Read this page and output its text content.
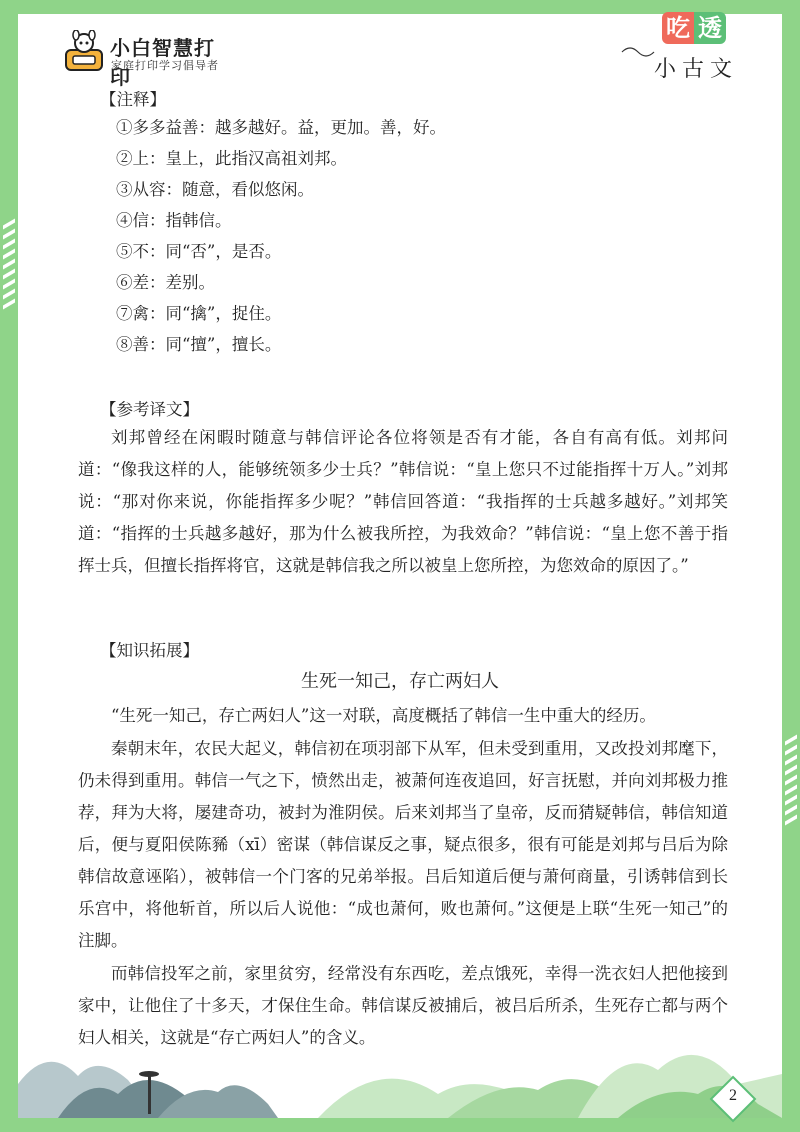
小白智慧打印
家庭打印学习倡导者
吃 透
小古文
【注释】
①多多益善：越多越好。益，更加。善，好。
②上：皇上，此指汉高祖刘邦。
③从容：随意，看似悠闲。
④信：指韩信。
⑤不：同“否”，是否。
⑥差：差别。
⑦禽：同“擒”，捉住。
⑧善：同“擅”，擅长。
【参考译文】
刘邦曾经在闲暇时随意与韩信评论各位将领是否有才能，各自有高有低。刘邦问道：“像我这样的人，能够统领多少士兵？”韩信说：“皇上您只不过能指挥十万人。”刘邦说：“那对你来说，你能指挥多少呢？”韩信回答道：“我指挥的士兵越多越好。”刘邦笑道：“指挥的士兵越多越好，那为什么被我所控，为我效命？”韩信说：“皇上您不善于指挥士兵，但擅长指挥将官，这就是韩信我之所以被皇上您所控，为您效命的原因了。”
【知识拓展】
生死一知己，存亡两妇人
“生死一知己，存亡两妇人”这一对联，高度概括了韩信一生中重大的经历。
秦朝末年，农民大起义，韩信初在项羽部下从军，但未受到重用，又改投刘邦麾下，仍未得到重用。韩信一气之下，愤然出走，被萧何连夜追回，好言抚慰，并向刘邦极力推荐，拜为大将，屡建奇功，被封为淮阴侯。后来刘邦当了皇帝，反而猜疑韩信，韩信知道后，便与夏阳侯陈豨（xī）密谋（韩信谋反之事，疑点很多，很有可能是刘邦与吕后为除韩信故意诬陷），被韩信一个门客的兄弟举报。吕后知道后便与萧何商量，引诱韩信到长乐宫中，将他斩首，所以后人说他：“成也萧何，败也萧何。”这便是上联“生死一知己”的注脚。
而韩信投军之前，家里贫穷，经常没有东西吃，差点饿死，幸得一洗衣妇人把他接到家中，让他住了十多天，才保住生命。韩信谋反被捕后，被吕后所杀，生死存亡都与两个妇人相关，这就是“存亡两妇人”的含义。
2
